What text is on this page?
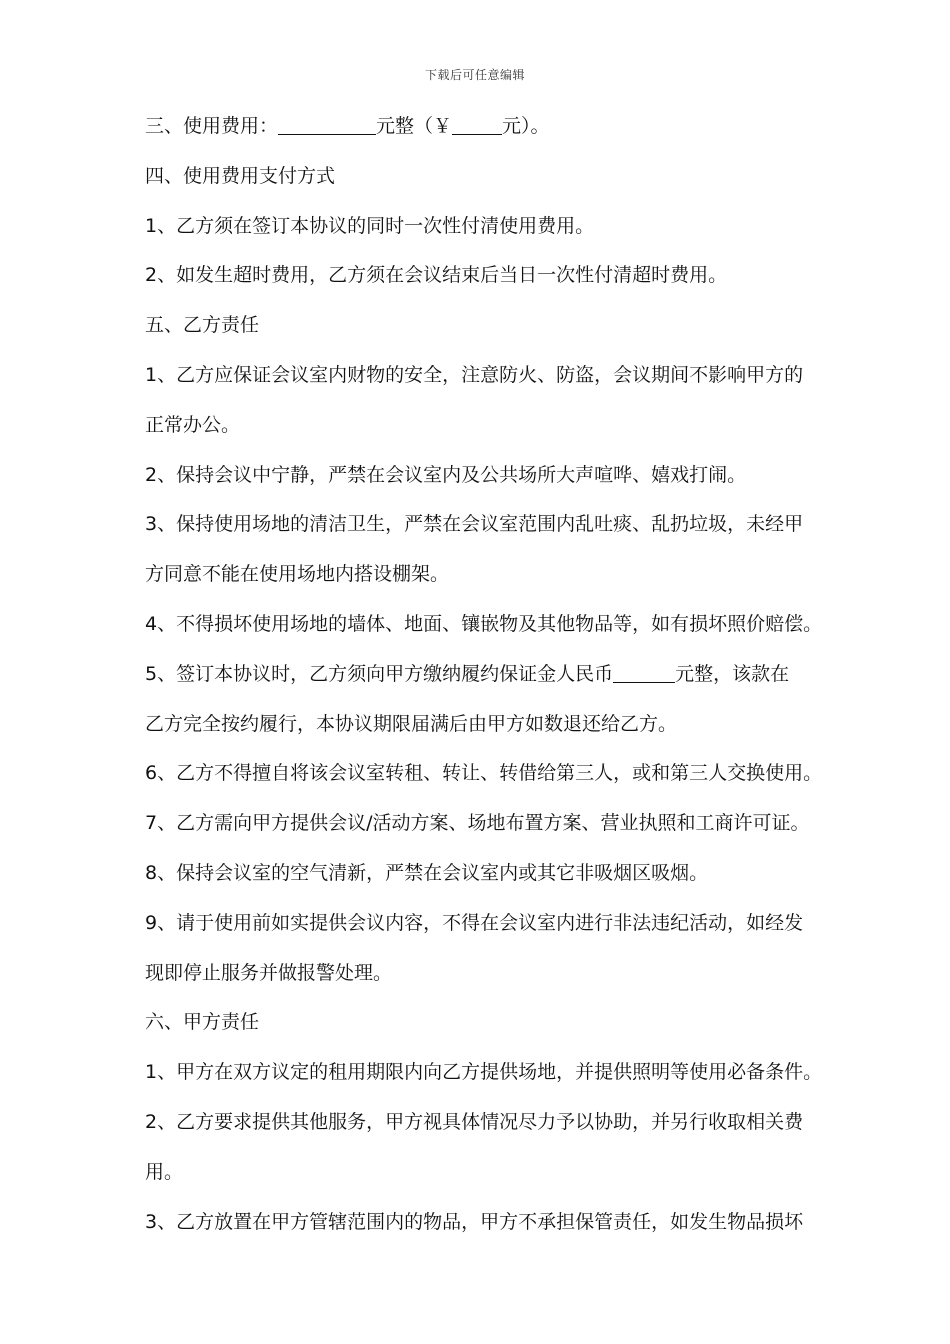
下载后可任意编辑
三、使用费用：	元整（￥	元）。
四、使用费用支付方式
1、乙方须在签订本协议的同时一次性付清使用费用。
2、如发生超时费用，乙方须在会议结束后当日一次性付清超时费用。
五、乙方责任
1、乙方应保证会议室内财物的安全，注意防火、防盗，会议期间不影响甲方的
正常办公。
2、保持会议中宁静，严禁在会议室内及公共场所大声喧哗、嬉戏打闹。
3、保持使用场地的清洁卫生，严禁在会议室范围内乱吐痰、乱扔垃圾，未经甲
方同意不能在使用场地内搭设棚架。
4、不得损坏使用场地的墙体、地面、镶嵌物及其他物品等，如有损坏照价赔偿。
5、签订本协议时，乙方须向甲方缴纳履约保证金人民币	元整，该款在
乙方完全按约履行，本协议期限届满后由甲方如数退还给乙方。
6、乙方不得擅自将该会议室转租、转让、转借给第三人，或和第三人交换使用。
7、乙方需向甲方提供会议/活动方案、场地布置方案、营业执照和工商许可证。
8、保持会议室的空气清新，严禁在会议室内或其它非吸烟区吸烟。
9、请于使用前如实提供会议内容，不得在会议室内进行非法违纪活动，如经发
现即停止服务并做报警处理。
六、甲方责任
1、甲方在双方议定的租用期限内向乙方提供场地，并提供照明等使用必备条件。
2、乙方要求提供其他服务，甲方视具体情况尽力予以协助，并另行收取相关费
用。
3、乙方放置在甲方管辖范围内的物品，甲方不承担保管责任，如发生物品损坏
